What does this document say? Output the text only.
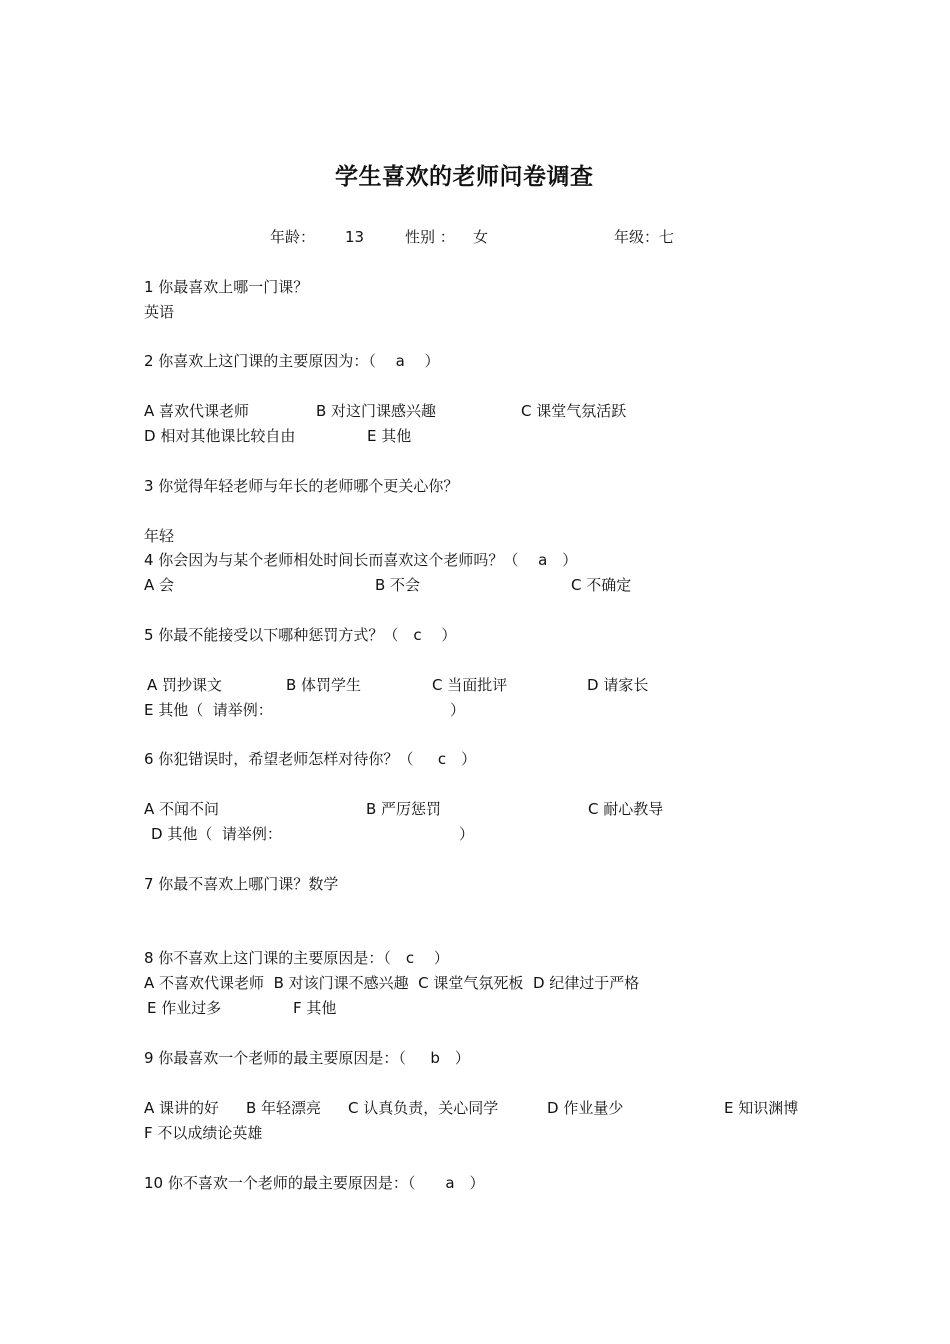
学生喜欢的老师问卷调查
年龄： 13	性别 ： 女	年级：七
1 你最喜欢上哪一门课？
英语
2 你喜欢上这门课的主要原因为：（　 a　 ）
A 喜欢代课老师	B 对这门课感兴趣	C 课堂气氛活跃
D 相对其他课比较自由	E 其他
3 你觉得年轻老师与年长的老师哪个更关心你？
年轻
4 你会因为与某个老师相处时间长而喜欢这个老师吗？（　 a　）
A 会	B 不会	C 不确定
5 你最不能接受以下哪种惩罚方式？（　c　 ）
A 罚抄课文	B 体罚学生	C 当面批评	D 请家长
E 其他（  请举例：	）
6 你犯错误时，希望老师怎样对待你？（　  c　）
A 不闻不问	B 严厉惩罚	C 耐心教导
D 其他（  请举例：	）
7 你最不喜欢上哪门课？数学
8 你不喜欢上这门课的主要原因是：（　c　 ）
A 不喜欢代课老师  B 对该门课不感兴趣  C 课堂气氛死板  D 纪律过于严格
E 作业过多	F 其他
9 你最喜欢一个老师的最主要原因是：（　  b　）
A 课讲的好 B 年轻漂亮 C 认真负责，关心同学	D 作业量少	E 知识渊博
F 不以成绩论英雄
10 你不喜欢一个老师的最主要原因是：（　　a　）
